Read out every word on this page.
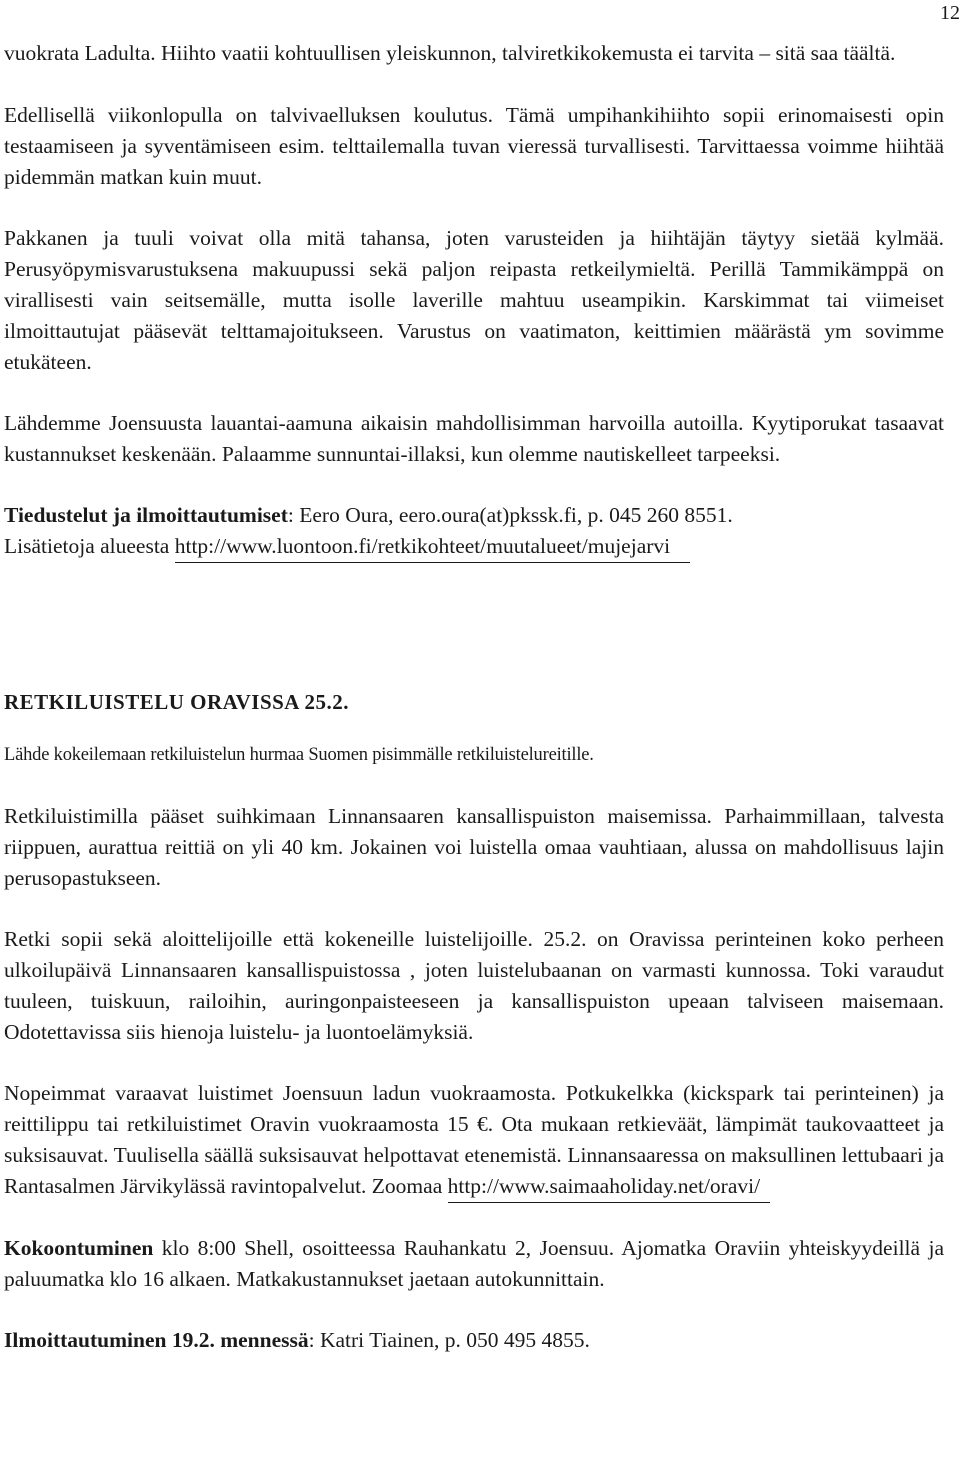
12

vuokrata Ladulta. Hiihto vaatii kohtuullisen yleiskunnon, talviretkikokemusta ei tarvita – sitä saa täältä.

Edellisellä viikonlopulla on talvivaelluksen koulutus. Tämä umpihankihiihto sopii erinomaisesti opin testaamiseen ja syventämiseen esim. telttailemalla tuvan vieressä turvallisesti. Tarvittaessa voimme hiihtää pidemmän matkan kuin muut.

Pakkanen ja tuuli voivat olla mitä tahansa, joten varusteiden ja hiihtäjän täytyy sietää kylmää. Perusyöpymisvarustuksena makuupussi sekä paljon reipasta retkeilymieltä. Perillä Tammikämppä on virallisesti vain seitsemälle, mutta isolle laverille mahtuu useampikin. Karskimmat tai viimeiset ilmoittautujat pääsevät telttamajoitukseen. Varustus on vaatimaton, keittimien määrästä ym sovimme etukäteen.

Lähdemme Joensuusta lauantai-aamuna aikaisin mahdollisimman harvoilla autoilla. Kyytiporukat tasaavat kustannukset keskenään. Palaamme sunnuntai-illaksi, kun olemme nautiskelleet tarpeeksi.

Tiedustelut ja ilmoittautumiset: Eero Oura, eero.oura(at)pkssk.fi, p. 045 260 8551.
Lisätietoja alueesta http://www.luontoon.fi/retkikohteet/muutalueet/mujejarvi

RETKILUISTELU ORAVISSA 25.2.

Lähde kokeilemaan retkiluistelun hurmaa Suomen pisimmälle retkiluistelureitille.

Retkiluistimilla pääset suihkimaan Linnansaaren kansallispuiston maisemissa. Parhaimmillaan, talvesta riippuen, aurattua reittiä on yli 40 km. Jokainen voi luistella omaa vauhtiaan, alussa on mahdollisuus lajin perusopastukseen.

Retki sopii sekä aloittelijoille että kokeneille luistelijoille. 25.2. on Oravissa perinteinen koko perheen ulkoilupäivä Linnansaaren kansallispuistossa , joten luistelubaanan on varmasti kunnossa. Toki varaudut tuuleen, tuiskuun, railoihin, auringonpaisteeseen ja kansallispuiston upeaan talviseen maisemaan. Odotettavissa siis hienoja luistelu- ja luontoelämyksiä.

Nopeimmat varaavat luistimet Joensuun ladun vuokraamosta. Potkukelkka (kickspark tai perinteinen) ja reittilippu tai retkiluistimet Oravin vuokraamosta 15 €. Ota mukaan retkieväät, lämpimät taukovaatteet ja suksisauvat. Tuulisella säällä suksisauvat helpottavat etenemistä. Linnansaaressa on maksullinen lettubaari ja Rantasalmen Järvikylässä ravintopalvelut. Zoomaa http://www.saimaaholiday.net/oravi/

Kokoontuminen klo 8:00 Shell, osoitteessa Rauhankatu 2, Joensuu. Ajomatka Oraviin yhteiskyydeillä ja paluumatka klo 16 alkaen. Matkakustannukset jaetaan autokunnittain.

Ilmoittautuminen 19.2. mennessä: Katri Tiainen, p. 050 495 4855.
